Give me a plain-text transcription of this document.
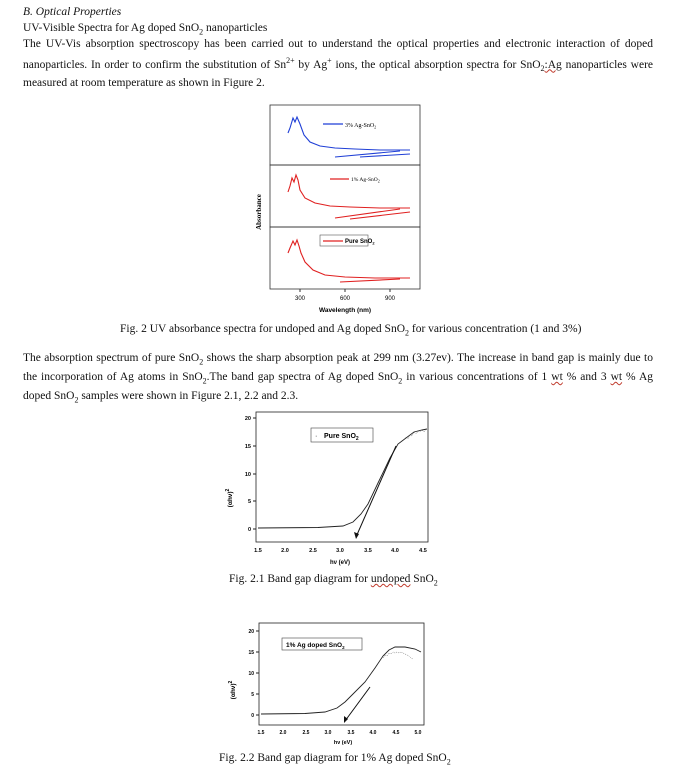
B. Optical Properties
UV-Visible Spectra for Ag doped SnO$_2$ nanoparticles
The UV-Vis absorption spectroscopy has been carried out to understand the optical properties and electronic interaction of doped nanoparticles. In order to confirm the substitution of $Sn^{2+}$ by Ag+ ions, the optical absorption spectra for SnO$_2$:Ag nanoparticles were measured at room temperature as shown in Figure 2.
Absorbance
3% Ag-SnO$_2$
1% Ag-SnO$_2$
Pure SnO$_2$
300	600	900
Wavelength (nm)
Fig. 2 UV absorbance spectra for undoped and Ag doped SnO$_2$ for various concentration (1 and 3%)
The absorption spectrum of pure SnO$_2$ shows the sharp absorption peak at 299 nm (3.27ev). The increase in band gap is mainly due to the incorporation of Ag atoms in SnO$_2$.The band gap spectra of Ag doped SnO$_2$ in various concentrations of 1 wt % and 3 wt % Ag doped SnO$_2$ samples were shown in Figure 2.1, 2.2 and 2.3.
$(\alpha h\nu)^2$
0
5
10
15
20
1.5	2.0	2.5	3.0	3.5	4.0	4.5
hν (eV)
· Pure SnO$_2$
Fig. 2.1 Band gap diagram for undoped SnO$_2$
$(\alpha h\nu)^2$
0
5
10
15
20
1.5	2.0	2.5	3.0	3.5	4.0	4.5	5.0
hν (eV)
1% Ag doped SnO$_2$
Fig. 2.2 Band gap diagram for 1% Ag doped SnO$_2$
